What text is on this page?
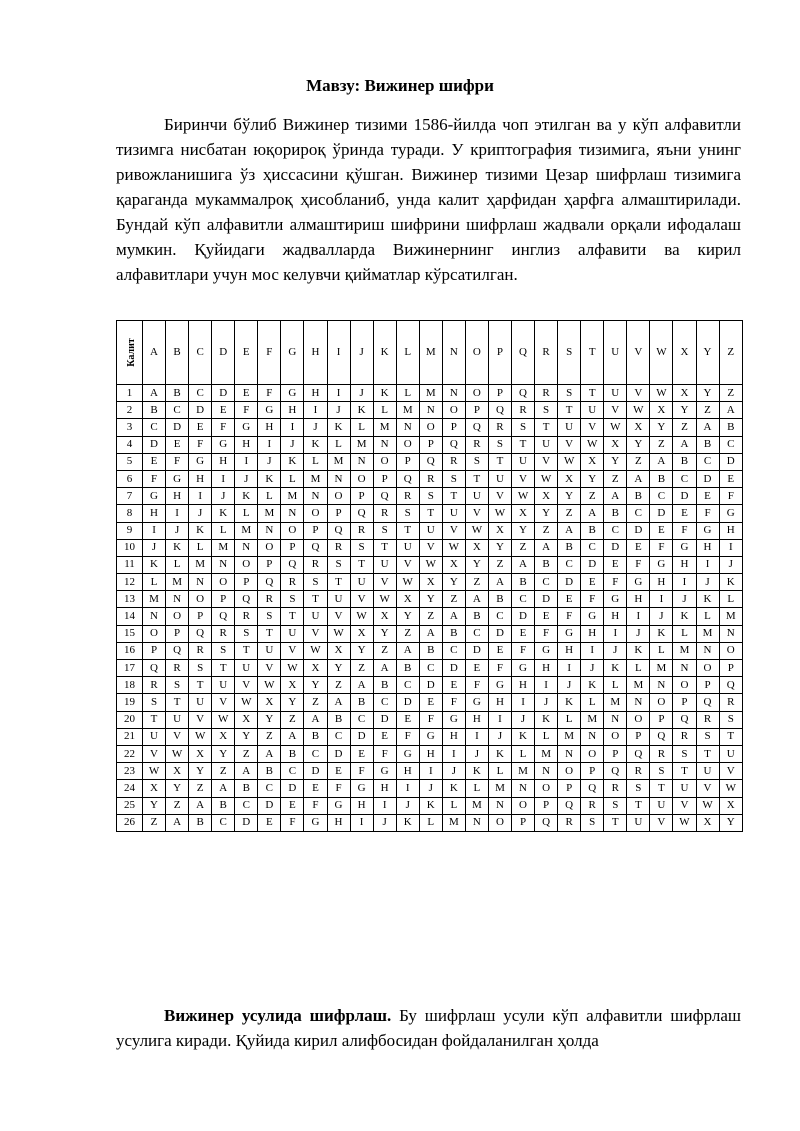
Мавзу: Вижинер шифри

Биринчи бўлиб Вижинер тизими 1586-йилда чоп этилган ва у кўп алфавитли тизимга нисбатан юқорироқ ўринда туради. У криптография тизимига, яъни унинг ривожланишига ўз ҳиссасини қўшган. Вижинер тизими Цезар шифрлаш тизимига қараганда мукаммалроқ ҳисобланиб, унда калит ҳарфидан ҳарфга алмаштирилади. Бундай кўп алфавитли алмаштириш шифрини шифрлаш жадвали орқали ифодалаш мумкин. Қуйидаги жадвалларда Вижинернинг инглиз алфавити ва кирил алфавитлари учун мос келувчи қийматлар кўрсатилган.

Калит	A	B	C	D	E	F	G	H	I	J	K	L	M	N	O	P	Q	R	S	T	U	V	W	X	Y	Z
1	A	B	C	D	E	F	G	H	I	J	K	L	M	N	O	P	Q	R	S	T	U	V	W	X	Y	Z
2	B	C	D	E	F	G	H	I	J	K	L	M	N	O	P	Q	R	S	T	U	V	W	X	Y	Z	A
3	C	D	E	F	G	H	I	J	K	L	M	N	O	P	Q	R	S	T	U	V	W	X	Y	Z	A	B
4	D	E	F	G	H	I	J	K	L	M	N	O	P	Q	R	S	T	U	V	W	X	Y	Z	A	B	C
5	E	F	G	H	I	J	K	L	M	N	O	P	Q	R	S	T	U	V	W	X	Y	Z	A	B	C	D
6	F	G	H	I	J	K	L	M	N	O	P	Q	R	S	T	U	V	W	X	Y	Z	A	B	C	D	E
7	G	H	I	J	K	L	M	N	O	P	Q	R	S	T	U	V	W	X	Y	Z	A	B	C	D	E	F
8	H	I	J	K	L	M	N	O	P	Q	R	S	T	U	V	W	X	Y	Z	A	B	C	D	E	F	G
9	I	J	K	L	M	N	O	P	Q	R	S	T	U	V	W	X	Y	Z	A	B	C	D	E	F	G	H
10	J	K	L	M	N	O	P	Q	R	S	T	U	V	W	X	Y	Z	A	B	C	D	E	F	G	H	I
11	K	L	M	N	O	P	Q	R	S	T	U	V	W	X	Y	Z	A	B	C	D	E	F	G	H	I	J
12	L	M	N	O	P	Q	R	S	T	U	V	W	X	Y	Z	A	B	C	D	E	F	G	H	I	J	K
13	M	N	O	P	Q	R	S	T	U	V	W	X	Y	Z	A	B	C	D	E	F	G	H	I	J	K	L
14	N	O	P	Q	R	S	T	U	V	W	X	Y	Z	A	B	C	D	E	F	G	H	I	J	K	L	M
15	O	P	Q	R	S	T	U	V	W	X	Y	Z	A	B	C	D	E	F	G	H	I	J	K	L	M	N
16	P	Q	R	S	T	U	V	W	X	Y	Z	A	B	C	D	E	F	G	H	I	J	K	L	M	N	O
17	Q	R	S	T	U	V	W	X	Y	Z	A	B	C	D	E	F	G	H	I	J	K	L	M	N	O	P
18	R	S	T	U	V	W	X	Y	Z	A	B	C	D	E	F	G	H	I	J	K	L	M	N	O	P	Q
19	S	T	U	V	W	X	Y	Z	A	B	C	D	E	F	G	H	I	J	K	L	M	N	O	P	Q	R
20	T	U	V	W	X	Y	Z	A	B	C	D	E	F	G	H	I	J	K	L	M	N	O	P	Q	R	S
21	U	V	W	X	Y	Z	A	B	C	D	E	F	G	H	I	J	K	L	M	N	O	P	Q	R	S	T
22	V	W	X	Y	Z	A	B	C	D	E	F	G	H	I	J	K	L	M	N	O	P	Q	R	S	T	U
23	W	X	Y	Z	A	B	C	D	E	F	G	H	I	J	K	L	M	N	O	P	Q	R	S	T	U	V
24	X	Y	Z	A	B	C	D	E	F	G	H	I	J	K	L	M	N	O	P	Q	R	S	T	U	V	W
25	Y	Z	A	B	C	D	E	F	G	H	I	J	K	L	M	N	O	P	Q	R	S	T	U	V	W	X
26	Z	A	B	C	D	E	F	G	H	I	J	K	L	M	N	O	P	Q	R	S	T	U	V	W	X	Y

Вижинер усулида шифрлаш. Бу шифрлаш усули кўп алфавитли шифрлаш усулига киради. Қуйида кирил алифбосидан фойдаланилган ҳолда
